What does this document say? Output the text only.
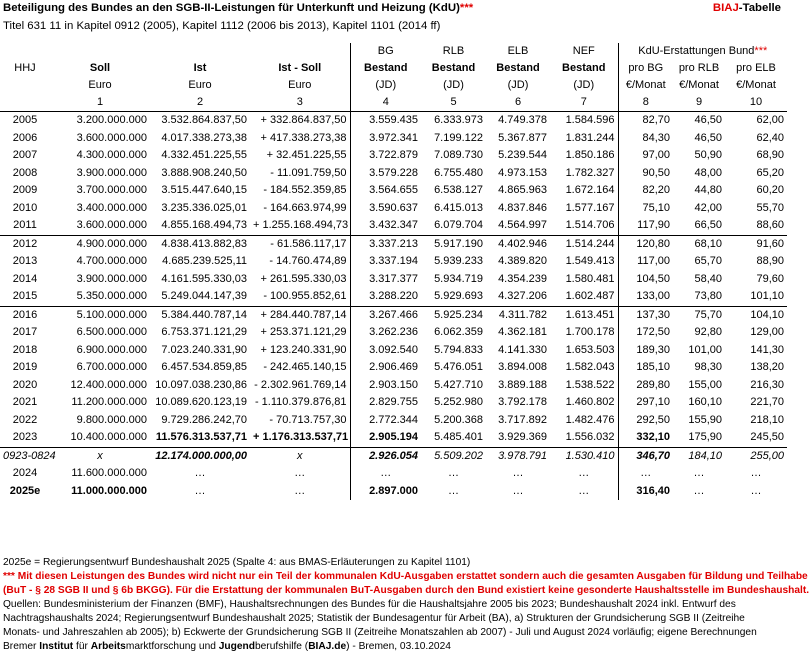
Beteiligung des Bundes an den SGB-II-Leistungen für Unterkunft und Heizung (KdU)***	BIAJ-Tabelle
Titel 631 11 in Kapitel 0912 (2005), Kapitel 1112 (2006 bis 2013), Kapitel 1101 (2014 ff)
				BG	RLB	ELB	NEF	KdU-Erstattungen Bund***		
HHJ	Soll	Ist	Ist - Soll	Bestand	Bestand	Bestand	Bestand	pro BG	pro RLB	pro ELB
	Euro	Euro	Euro	(JD)	(JD)	(JD)	(JD)	€/Monat	€/Monat	€/Monat
	1	2	3	4	5	6	7	8	9	10
2005	3.200.000.000	3.532.864.837,50	+ 332.864.837,50	3.559.435	6.333.973	4.749.378	1.584.596	82,70	46,50	62,00
2006	3.600.000.000	4.017.338.273,38	+ 417.338.273,38	3.972.341	7.199.122	5.367.877	1.831.244	84,30	46,50	62,40
2007	4.300.000.000	4.332.451.225,55	+ 32.451.225,55	3.722.879	7.089.730	5.239.544	1.850.186	97,00	50,90	68,90
2008	3.900.000.000	3.888.908.240,50	- 11.091.759,50	3.579.228	6.755.480	4.973.153	1.782.327	90,50	48,00	65,20
2009	3.700.000.000	3.515.447.640,15	- 184.552.359,85	3.564.655	6.538.127	4.865.963	1.672.164	82,20	44,80	60,20
2010	3.400.000.000	3.235.336.025,01	- 164.663.974,99	3.590.637	6.415.013	4.837.846	1.577.167	75,10	42,00	55,70
2011	3.600.000.000	4.855.168.494,73	+ 1.255.168.494,73	3.432.347	6.079.704	4.564.997	1.514.706	117,90	66,50	88,60
2012	4.900.000.000	4.838.413.882,83	- 61.586.117,17	3.337.213	5.917.190	4.402.946	1.514.244	120,80	68,10	91,60
2013	4.700.000.000	4.685.239.525,11	- 14.760.474,89	3.337.194	5.939.233	4.389.820	1.549.413	117,00	65,70	88,90
2014	3.900.000.000	4.161.595.330,03	+ 261.595.330,03	3.317.377	5.934.719	4.354.239	1.580.481	104,50	58,40	79,60
2015	5.350.000.000	5.249.044.147,39	- 100.955.852,61	3.288.220	5.929.693	4.327.206	1.602.487	133,00	73,80	101,10
2016	5.100.000.000	5.384.440.787,14	+ 284.440.787,14	3.267.466	5.925.234	4.311.782	1.613.451	137,30	75,70	104,10
2017	6.500.000.000	6.753.371.121,29	+ 253.371.121,29	3.262.236	6.062.359	4.362.181	1.700.178	172,50	92,80	129,00
2018	6.900.000.000	7.023.240.331,90	+ 123.240.331,90	3.092.540	5.794.833	4.141.330	1.653.503	189,30	101,00	141,30
2019	6.700.000.000	6.457.534.859,85	- 242.465.140,15	2.906.469	5.476.051	3.894.008	1.582.043	185,10	98,30	138,20
2020	12.400.000.000	10.097.038.230,86	- 2.302.961.769,14	2.903.150	5.427.710	3.889.188	1.538.522	289,80	155,00	216,30
2021	11.200.000.000	10.089.620.123,19	- 1.110.379.876,81	2.829.755	5.252.980	3.792.178	1.460.802	297,10	160,10	221,70
2022	9.800.000.000	9.729.286.242,70	- 70.713.757,30	2.772.344	5.200.368	3.717.892	1.482.476	292,50	155,90	218,10
2023	10.400.000.000	11.576.313.537,71	+ 1.176.313.537,71	2.905.194	5.485.401	3.929.369	1.556.032	332,10	175,90	245,50
0923-0824	x	12.174.000.000,00	x	2.926.054	5.509.202	3.978.791	1.530.410	346,70	184,10	255,00
2024	11.600.000.000	…	…	…	…	…	…	…	…	…
2025e	11.000.000.000	…	…	2.897.000	…	…	…	316,40	…	…
2025e = Regierungsentwurf Bundeshaushalt 2025 (Spalte 4: aus BMAS-Erläuterungen zu Kapitel 1101)
*** Mit diesen Leistungen des Bundes wird nicht nur ein Teil der kommunalen KdU-Ausgaben erstattet sondern auch die gesamten Ausgaben für Bildung und Teilhabe
(BuT - § 28 SGB II und § 6b BKGG). Für die Erstattung der kommunalen BuT-Ausgaben durch den Bund existiert keine gesonderte Haushaltsstelle im Bundeshaushalt.
Quellen: Bundesministerium der Finanzen (BMF), Haushaltsrechnungen des Bundes für die Haushaltsjahre 2005 bis 2023; Bundeshaushalt 2024 inkl. Entwurf des
Nachtragshaushalts 2024; Regierungsentwurf Bundeshaushalt 2025; Statistik der Bundesagentur für Arbeit (BA), a) Strukturen der Grundsicherung SGB II (Zeitreihe
Monats- und Jahreszahlen ab 2005); b) Eckwerte der Grundsicherung SGB II (Zeitreihe Monatszahlen ab 2007) - Juli und August 2024 vorläufig; eigene Berechnungen
Bremer Institut für Arbeitsmarktforschung und Jugendberufshilfe (BIAJ.de) - Bremen, 03.10.2024
